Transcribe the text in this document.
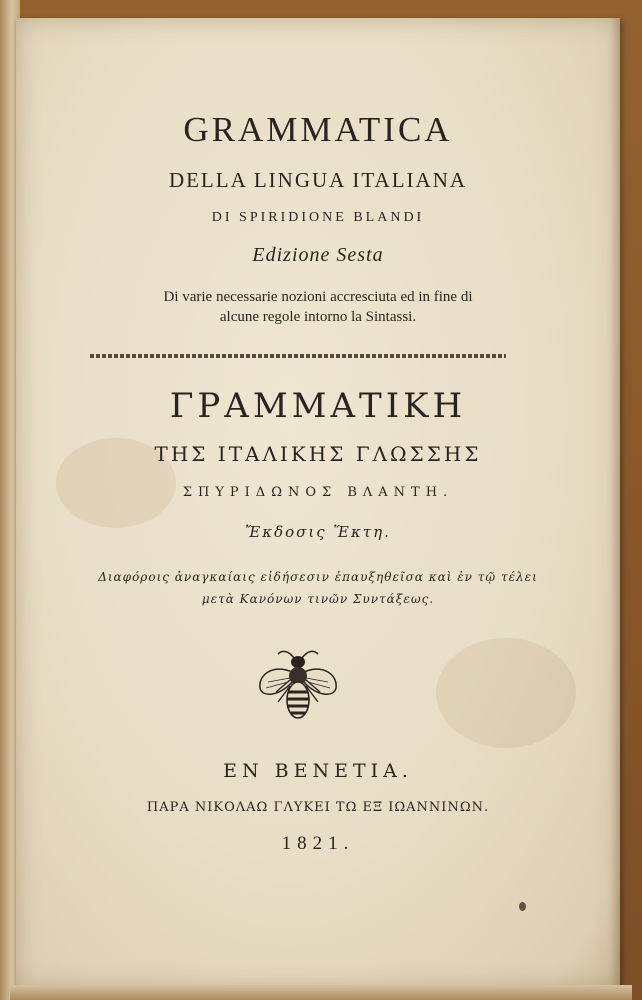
GRAMMATICA
DELLA LINGUA ITALIANA
DI SPIRIDIONE BLANDI
Edizione Sesta
Di varie necessarie nozioni accresciuta ed in fine di
alcune regole intorno la Sintassi.
ΓΡΑΜΜΑΤΙΚΗ
ΤΗΣ ΙΤΑΛΙΚΗΣ ΓΛΩΣΣΗΣ
ΣΠΥΡΙΔΩΝΟΣ ΒΛΑΝΤΗ.
Ἔκδοσις Ἕκτη.
Διαφόροις ἀναγκαίαις εἰδήσεσιν ἐπαυξηθεῖσα καὶ ἐν τῷ τέλει
μετὰ Κανόνων τινῶν Συντάξεως.
EN BENETIA.
ΠΑΡΑ ΝΙΚΟΛΑΩ ΓΛΥΚΕΙ ΤΩ ΕΞ ΙΩΑΝΝΙΝΩΝ.
1821.
